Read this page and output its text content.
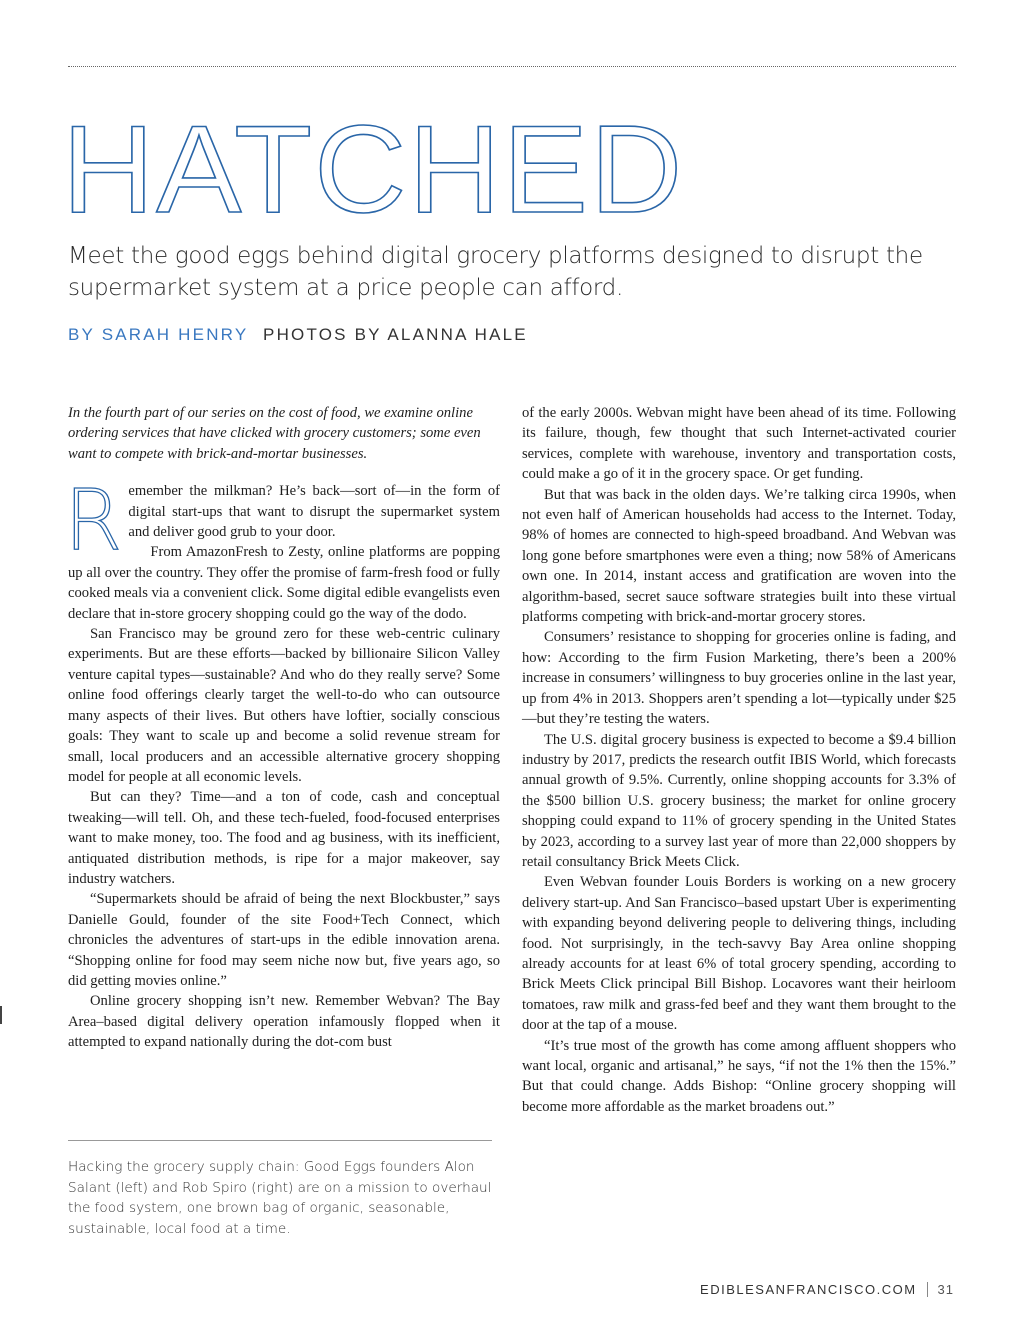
HATCHED

Meet the good eggs behind digital grocery platforms designed to disrupt the supermarket system at a price people can afford.

BY SARAH HENRY PHOTOS BY ALANNA HALE

In the fourth part of our series on the cost of food, we examine online ordering services that have clicked with grocery customers; some even want to compete with brick-and-mortar businesses.

Remember the milkman? He’s back—sort of—in the form of digital start-ups that want to disrupt the supermarket system and deliver good grub to your door.

From AmazonFresh to Zesty, online platforms are popping up all over the country. They offer the promise of farm-fresh food or fully cooked meals via a convenient click. Some digital edible evangelists even declare that in-store grocery shopping could go the way of the dodo.

San Francisco may be ground zero for these web-centric culinary experiments. But are these efforts—backed by billionaire Silicon Valley venture capital types—sustainable? And who do they really serve? Some online food offerings clearly target the well-to-do who can outsource many aspects of their lives. But others have loftier, socially conscious goals: They want to scale up and become a solid revenue stream for small, local producers and an accessible alternative grocery shopping model for people at all economic levels.

But can they? Time—and a ton of code, cash and conceptual tweaking—will tell. Oh, and these tech-fueled, food-focused enterprises want to make money, too. The food and ag business, with its inefficient, antiquated distribution methods, is ripe for a major makeover, say industry watchers.

“Supermarkets should be afraid of being the next Blockbuster,” says Danielle Gould, founder of the site Food+Tech Connect, which chronicles the adventures of start-ups in the edible innovation arena. “Shopping online for food may seem niche now but, five years ago, so did getting movies online.”

Online grocery shopping isn’t new. Remember Webvan? The Bay Area–based digital delivery operation infamously flopped when it attempted to expand nationally during the dot-com bust

of the early 2000s. Webvan might have been ahead of its time. Following its failure, though, few thought that such Internet-activated courier services, complete with warehouse, inventory and transportation costs, could make a go of it in the grocery space. Or get funding.

But that was back in the olden days. We’re talking circa 1990s, when not even half of American households had access to the Internet. Today, 98% of homes are connected to high-speed broadband. And Webvan was long gone before smartphones were even a thing; now 58% of Americans own one. In 2014, instant access and gratification are woven into the algorithm-based, secret sauce software strategies built into these virtual platforms competing with brick-and-mortar grocery stores.

Consumers’ resistance to shopping for groceries online is fading, and how: According to the firm Fusion Marketing, there’s been a 200% increase in consumers’ willingness to buy groceries online in the last year, up from 4% in 2013. Shoppers aren’t spending a lot—typically under $25—but they’re testing the waters.

The U.S. digital grocery business is expected to become a $9.4 billion industry by 2017, predicts the research outfit IBIS World, which forecasts annual growth of 9.5%. Currently, online shopping accounts for 3.3% of the $500 billion U.S. grocery business; the market for online grocery shopping could expand to 11% of grocery spending in the United States by 2023, according to a survey last year of more than 22,000 shoppers by retail consultancy Brick Meets Click.

Even Webvan founder Louis Borders is working on a new grocery delivery start-up. And San Francisco–based upstart Uber is experimenting with expanding beyond delivering people to delivering things, including food. Not surprisingly, in the tech-savvy Bay Area online shopping already accounts for at least 6% of total grocery spending, according to Brick Meets Click principal Bill Bishop. Locavores want their heirloom tomatoes, raw milk and grass-fed beef and they want them brought to the door at the tap of a mouse.

“It’s true most of the growth has come among affluent shoppers who want local, organic and artisanal,” he says, “if not the 1% then the 15%.” But that could change. Adds Bishop: “Online grocery shopping will become more affordable as the market broadens out.”

Hacking the grocery supply chain: Good Eggs founders Alon Salant (left) and Rob Spiro (right) are on a mission to overhaul the food system, one brown bag of organic, seasonable, sustainable, local food at a time.

EDIBLESANFRANCISCO.COM 31
